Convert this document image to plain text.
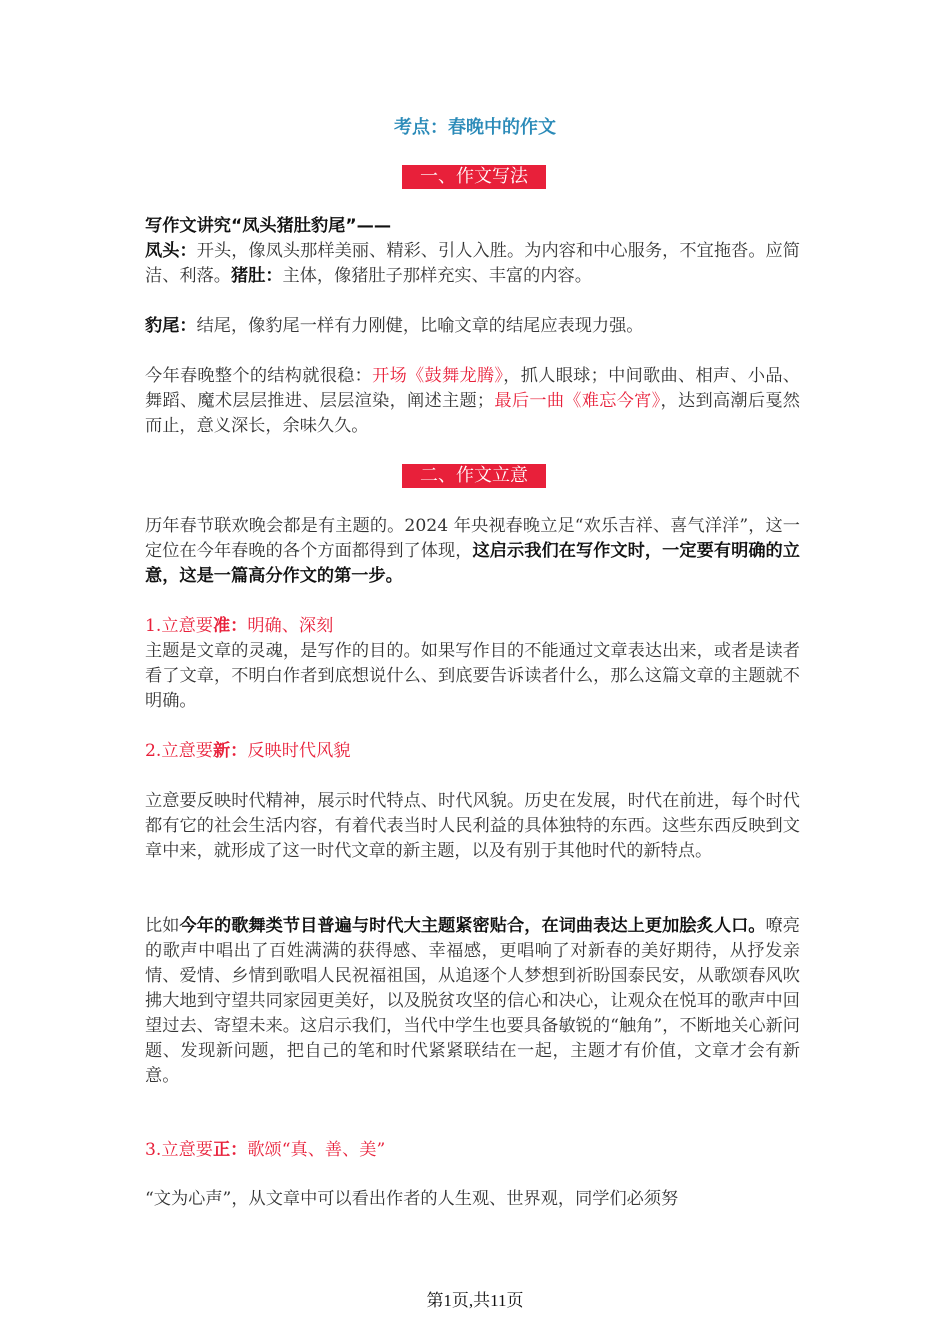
考点：春晚中的作文
一、作文写法

写作文讲究“凤头猪肚豹尾”——
凤头：开头，像凤头那样美丽、精彩、引人入胜。为内容和中心服务，不宜拖沓。应简洁、利落。猪肚：主体，像猪肚子那样充实、丰富的内容。

豹尾：结尾，像豹尾一样有力刚健，比喻文章的结尾应表现力强。

今年春晚整个的结构就很稳：开场《鼓舞龙腾》，抓人眼球；中间歌曲、相声、小品、舞蹈、魔术层层推进、层层渲染，阐述主题；最后一曲《难忘今宵》，达到高潮后戛然而止，意义深长，余味久久。

二、作文立意

历年春节联欢晚会都是有主题的。2024 年央视春晚立足“欢乐吉祥、喜气洋洋”，这一定位在今年春晚的各个方面都得到了体现，这启示我们在写作文时，一定要有明确的立意，这是一篇高分作文的第一步。

1.立意要准：明确、深刻
主题是文章的灵魂，是写作的目的。如果写作目的不能通过文章表达出来，或者是读者看了文章，不明白作者到底想说什么、到底要告诉读者什么，那么这篇文章的主题就不明确。

2.立意要新：反映时代风貌

立意要反映时代精神，展示时代特点、时代风貌。历史在发展，时代在前进，每个时代都有它的社会生活内容，有着代表当时人民利益的具体独特的东西。这些东西反映到文章中来，就形成了这一时代文章的新主题，以及有别于其他时代的新特点。

比如今年的歌舞类节目普遍与时代大主题紧密贴合，在词曲表达上更加脍炙人口。嘹亮的歌声中唱出了百姓满满的获得感、幸福感，更唱响了对新春的美好期待，从抒发亲情、爱情、乡情到歌唱人民祝福祖国，从追逐个人梦想到祈盼国泰民安，从歌颂春风吹拂大地到守望共同家园更美好，以及脱贫攻坚的信心和决心，让观众在悦耳的歌声中回望过去、寄望未来。这启示我们，当代中学生也要具备敏锐的“触角”，不断地关心新问题、发现新问题，把自己的笔和时代紧紧联结在一起，主题才有价值，文章才会有新意。

3.立意要正：歌颂“真、善、美”

“文为心声”，从文章中可以看出作者的人生观、世界观，同学们必须努

第1页,共11页
